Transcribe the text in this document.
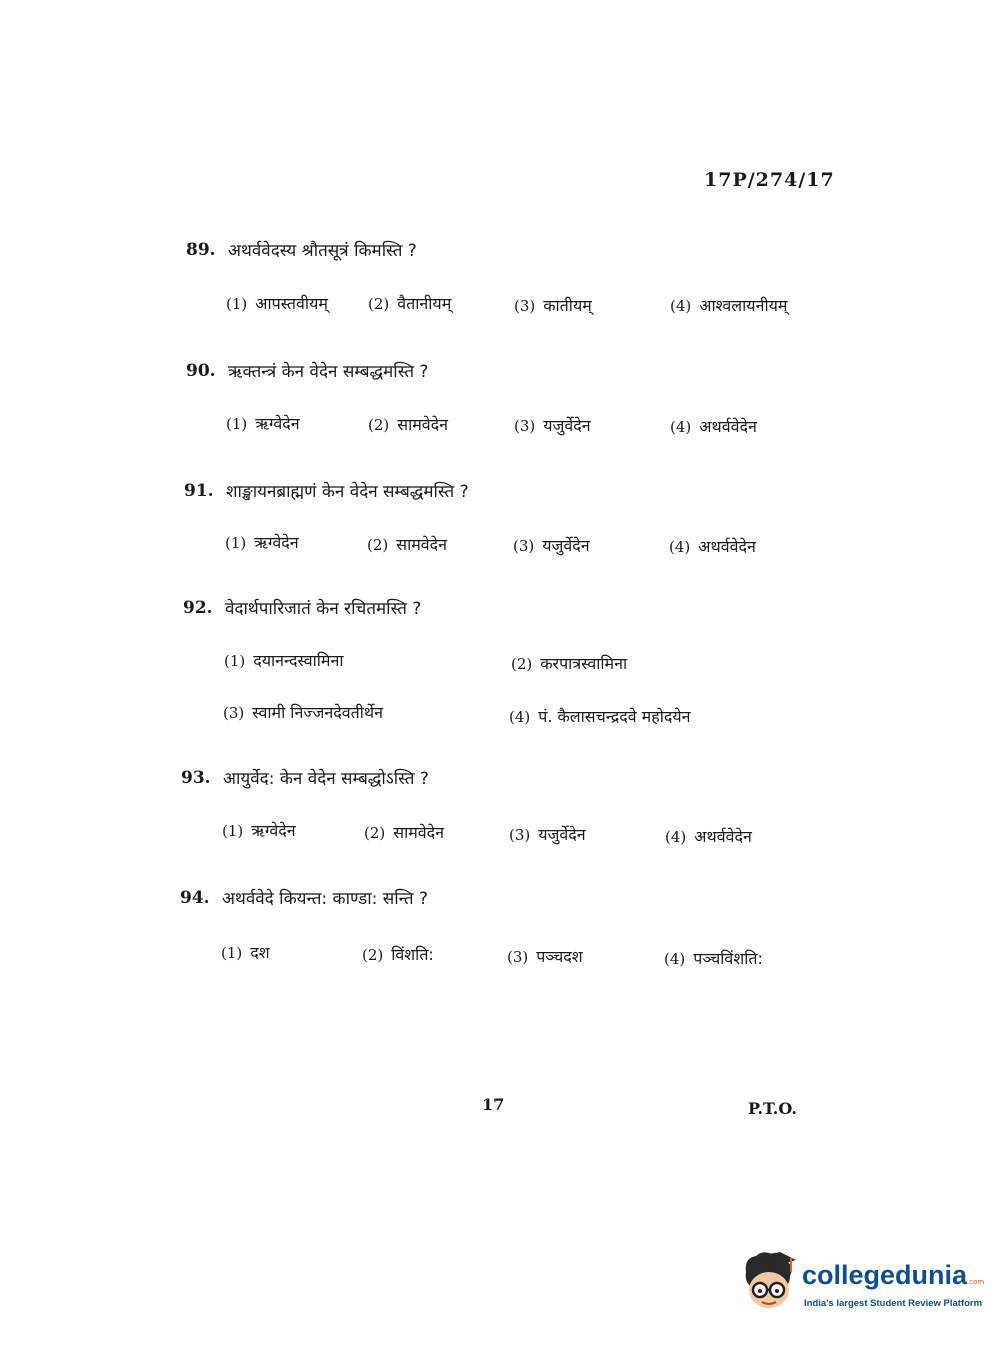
17P/274/17
89. अथर्ववेदस्य श्रौतसूत्रं किमस्ति ?
(1) आपस्तवीयम्	(2) वैतानीयम्	(3) कातीयम्	(4) आश्वलायनीयम्
90. ऋक्तन्त्रं केन वेदेन सम्बद्धमस्ति ?
(1) ऋग्वेदेन	(2) सामवेदेन	(3) यजुर्वेदेन	(4) अथर्ववेदेन
91. शाङ्खायनब्राह्मणं केन वेदेन सम्बद्धमस्ति ?
(1) ऋग्वेदेन	(2) सामवेदेन	(3) यजुर्वेदेन	(4) अथर्ववेदेन
92. वेदार्थपारिजातं केन रचितमस्ति ?
(1) दयानन्दस्वामिना	(2) करपात्रस्वामिना
(3) स्वामी निज्जनदेवतीर्थेन	(4) पं. कैलासचन्द्रदवे महोदयेन
93. आयुर्वेद: केन वेदेन सम्बद्धोऽस्ति ?
(1) ऋग्वेदेन	(2) सामवेदेन	(3) यजुर्वेदेन	(4) अथर्ववेदेन
94. अथर्ववेदे कियन्त: काण्डा: सन्ति ?
(1) दश	(2) विंशति:	(3) पञ्चदश	(4) पञ्चविंशति:
17	P.T.O.
collegedunia.com
India's largest Student Review Platform
